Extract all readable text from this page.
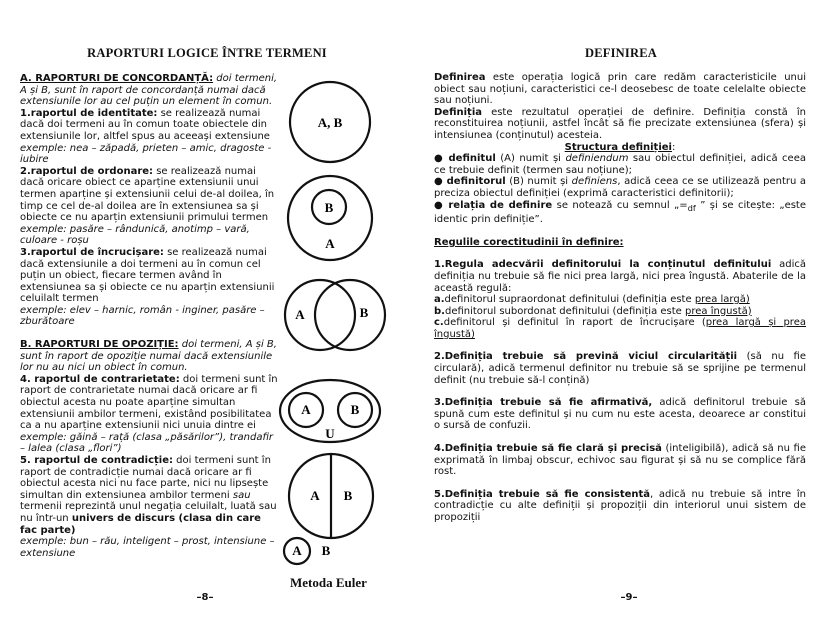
RAPORTURI LOGICE ÎNTRE TERMENI

A. RAPORTURI DE CONCORDANȚĂ: doi termeni, A și B, sunt în raport de concordanță numai dacă extensiunile lor au cel puțin un element în comun.

1.raportul de identitate: se realizează numai dacă doi termeni au în comun toate obiectele din extensiunile lor, altfel spus au aceeași extensiune

exemple: nea – zăpadă, prieten – amic, dragoste - iubire

2.raportul de ordonare: se realizează numai dacă oricare obiect ce aparține extensiunii unui termen aparține și extensiunii celui de-al doilea, în timp ce cel de-al doilea are în extensiunea sa și obiecte ce nu aparțin extensiunii primului termen

exemple: pasăre – rândunică, anotimp – vară, culoare - roșu

3.raportul de încrucișare: se realizează numai dacă extensiunile a doi termeni au în comun cel puțin un obiect, fiecare termen având în extensiunea sa și obiecte ce nu aparțin extensiunii celuilalt termen

exemple: elev – harnic, român - inginer, pasăre – zburătoare

B. RAPORTURI DE OPOZIȚIE: doi termeni, A și B, sunt în raport de opoziție numai dacă extensiunile lor nu au nici un obiect în comun.

4. raportul de contrarietate: doi termeni sunt în raport de contrarietate numai dacă oricare ar fi obiectul acesta nu poate aparține simultan extensiunii ambilor termeni, existând posibilitatea ca a nu aparține extensiunii nici unuia dintre ei

exemple: găină – rață (clasa „păsărilor”), trandafir – lalea (clasa „flori”)

5. raportul de contradicție: doi termeni sunt în raport de contradicție numai dacă oricare ar fi obiectul acesta nici nu face parte, nici nu lipsește simultan din extensiunea ambilor termeni sau termenii reprezintă unul negația celuilalt, luată sau nu într-un univers de discurs (clasa din care fac parte)

exemple: bun – rău, inteligent – prost, intensiune – extensiune

A, B
B
A
A	B
A	B
U
A B
A B
Metoda Euler
–8–
DEFINIREA

Definirea este operația logică prin care redăm caracteristicile unui obiect sau noțiuni, caracteristici ce-l deosebesc de toate celelalte obiecte sau noțiuni.

Definiția este rezultatul operației de definire. Definiția constă în reconstituirea noțiunii, astfel încât să fie precizate extensiunea (sfera) și intensiunea (conținutul) acesteia.

Structura definiției:

● definitul (A) numit și definiendum sau obiectul definiției, adică ceea ce trebuie definit (termen sau noțiune);

● definitorul (B) numit și definiens, adică ceea ce se utilizează pentru a preciza obiectul definiției (exprimă caracteristici definitorii);

● relația de definire se notează cu semnul $„=_{df}$ ” și se citește: „este identic prin definiție”.

Regulile corectitudinii în definire:

1.Regula adecvării definitorului la conținutul definitului adică definiția nu trebuie să fie nici prea largă, nici prea îngustă. Abaterile de la această regulă:

a.definitorul supraordonat definitului (definiția este prea largă)

b.definitorul subordonat definitului (definiția este prea îngustă)

c.definitorul și definitul în raport de încrucișare (prea largă și prea îngustă)

2.Definiția trebuie să prevină viciul circularității (să nu fie circulară), adică termenul definitor nu trebuie să se sprijine pe termenul definit (nu trebuie să-l conțină)

3.Definiția trebuie să fie afirmativă, adică definitorul trebuie să spună cum este definitul și nu cum nu este acesta, deoarece ar constitui o sursă de confuzii.

4.Definiția trebuie să fie clară și precisă (inteligibilă), adică să nu fie exprimată în limbaj obscur, echivoc sau figurat și să nu se complice fără rost.

5.Definiția trebuie să fie consistentă, adică nu trebuie să intre în contradicție cu alte definiții și propoziții din interiorul unui sistem de propoziții

–9–
